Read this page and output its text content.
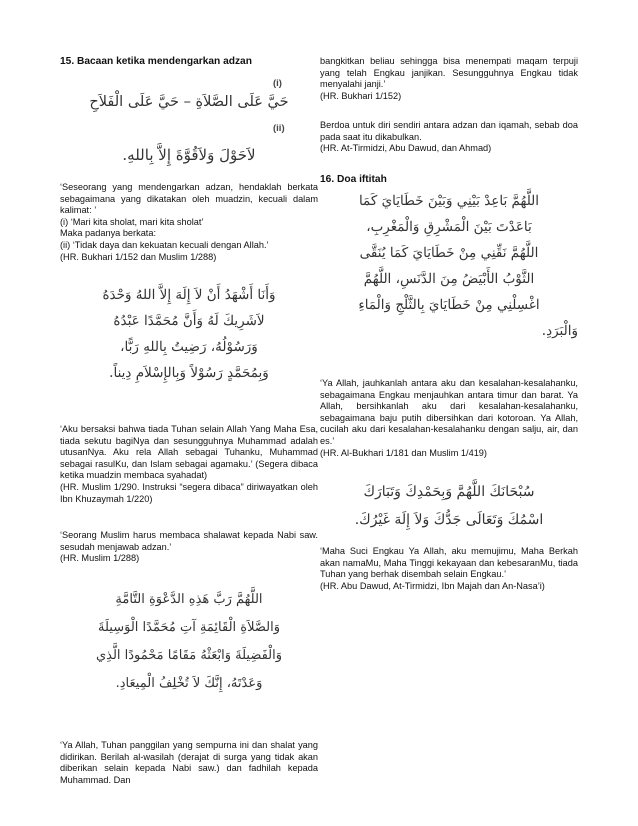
15. Bacaan ketika mendengarkan adzan
(i)
حَيَّ عَلَى الصَّلاَةِ – حَيَّ عَلَى الْفَلاَحِ
(ii)
لاَحَوْلَ وَلاَقُوَّةَ إِلاَّ بِاللهِ.

‘Seseorang yang mendengarkan adzan, hendaklah berkata sebagaimana yang dikatakan oleh muadzin, kecuali dalam kalimat: ’

(i) ‘Mari kita sholat, mari kita sholat’

Maka padanya berkata:

(ii) ‘Tidak daya dan kekuatan kecuali dengan Allah.’

(HR. Bukhari 1/152 dan Muslim 1/288)

وَأَنَا أَشْهَدُ أَنْ لاَ إِلَهَ إِلاَّ اللهُ وَحْدَهُ
لاَشَرِيكَ لَهُ وَأَنَّ مُحَمَّدًا عَبْدُهُ
وَرَسُوْلُهُ، رَضِيتُ بِاللهِ رَبًّا،
وَبِمُحَمَّدٍ رَسُوْلاً وَبِالإِسْلاَمِ دِيناً.

‘Aku bersaksi bahwa tiada Tuhan selain Allah Yang Maha Esa, tiada sekutu bagiNya dan sesungguhnya Muhammad adalah utusanNya. Aku rela Allah sebagai Tuhanku, Muhammad sebagai rasulKu, dan Islam sebagai agamaku.’ (Segera dibaca ketika muadzin membaca syahadat)

(HR. Muslim 1/290. Instruksi “segera dibaca” diriwayatkan oleh Ibn Khuzaymah 1/220)

‘Seorang Muslim harus membaca shalawat kepada Nabi saw. sesudah menjawab adzan.’

(HR. Muslim 1/288)

اللَّهُمَّ رَبَّ هَذِهِ الدَّعْوَةِ التَّامَّةِ
وَالصَّلاَةِ الْقَائِمَةِ آتِ مُحَمَّدًا الْوَسِيلَةَ
وَالْفَضِيلَةَ وَابْعَثْهُ مَقَامًا مَحْمُودًا الَّذِي
وَعَدْتَهُ، إِنَّكَ لاَ تُخْلِفُ الْمِيعَادِ.

‘Ya Allah, Tuhan panggilan yang sempurna ini dan shalat yang didirikan. Berilah al-wasilah (derajat di surga yang tidak akan diberikan selain kepada Nabi saw.) dan fadhilah kepada Muhammad. Dan

bangkitkan beliau sehingga bisa menempati maqam terpuji yang telah Engkau janjikan. Sesungguhnya Engkau tidak menyalahi janji.’

(HR. Bukhari 1/152)

Berdoa untuk diri sendiri antara adzan dan iqamah, sebab doa pada saat itu dikabulkan.

(HR. At-Tirmidzi, Abu Dawud, dan Ahmad)

16. Doa iftitah
اللَّهُمَّ بَاعِدْ بَيْنِي وَبَيْنَ خَطَايَايَ كَمَا
بَاعَدْتَ بَيْنَ الْمَشْرِقِ وَالْمَغْرِبِ،
اللَّهُمَّ نَقِّنِي مِنْ خَطَايَايَ كَمَا يُنَقَّى
الثَّوْبُ الأَبْيَضُ مِنَ الدَّنَسِ، اللَّهُمَّ
اغْسِلْنِي مِنْ خَطَايَايَ بِالثَّلْجِ وَالْمَاءِ
وَالْبَرَدِ.

‘Ya Allah, jauhkanlah antara aku dan kesalahan-kesalahanku, sebagaimana Engkau menjauhkan antara timur dan barat. Ya Allah, bersihkanlah aku dari kesalahan-kesalahanku, sebagaimana baju putih dibersihkan dari kotoroan. Ya Allah, cucilah aku dari kesalahan-kesalahanku dengan salju, air, dan es.’

(HR. Al-Bukhari 1/181 dan Muslim 1/419)

سُبْحَانَكَ اللَّهُمَّ وَبِحَمْدِكَ وَتَبَارَكَ
اسْمُكَ وَتَعَالَى جَدُّكَ وَلاَ إِلَهَ غَيْرُكَ.

‘Maha Suci Engkau Ya Allah, aku memujimu, Maha Berkah akan namaMu, Maha Tinggi kekayaan dan kebesaranMu, tiada Tuhan yang berhak disembah selain Engkau.’

(HR. Abu Dawud, At-Tirmidzi, Ibn Majah dan An-Nasa’i)
